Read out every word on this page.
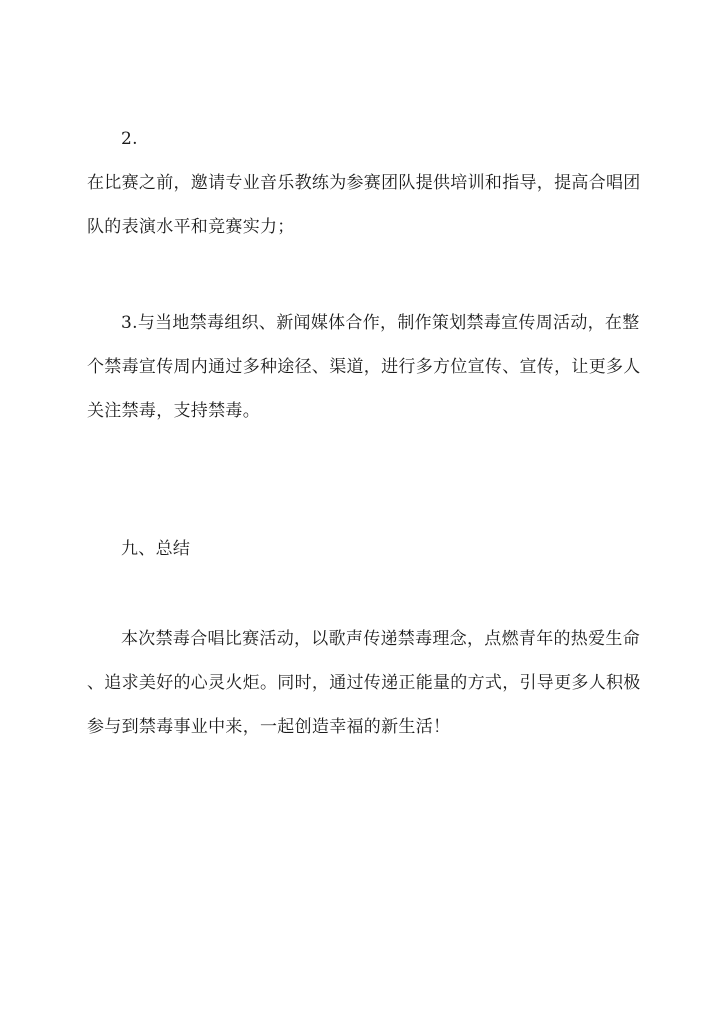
2.
在比赛之前，邀请专业音乐教练为参赛团队提供培训和指导，提高合唱团
队的表演水平和竞赛实力；
3.与当地禁毒组织、新闻媒体合作，制作策划禁毒宣传周活动，在整
个禁毒宣传周内通过多种途径、渠道，进行多方位宣传、宣传，让更多人
关注禁毒，支持禁毒。
九、总结
本次禁毒合唱比赛活动，以歌声传递禁毒理念，点燃青年的热爱生命
、追求美好的心灵火炬。同时，通过传递正能量的方式，引导更多人积极
参与到禁毒事业中来，一起创造幸福的新生活！
